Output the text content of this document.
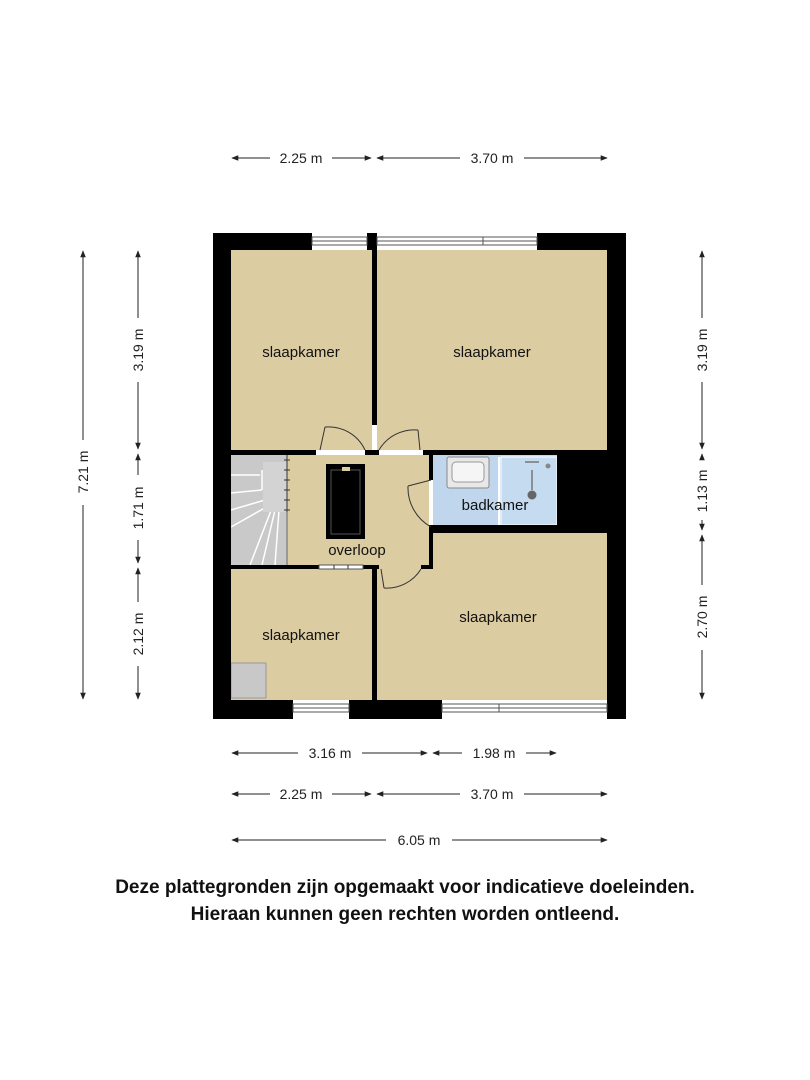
slaapkamer	slaapkamer
overloop
badkamer
slaapkamer
slaapkamer
2.25 m	3.70 m
7.21 m
3.19 m
1.71 m
2.12 m
3.19 m
1.13 m
2.70 m
3.16 m	1.98 m
2.25 m	3.70 m
6.05 m
Deze plattegronden zijn opgemaakt voor indicatieve doeleinden.
Hieraan kunnen geen rechten worden ontleend.
